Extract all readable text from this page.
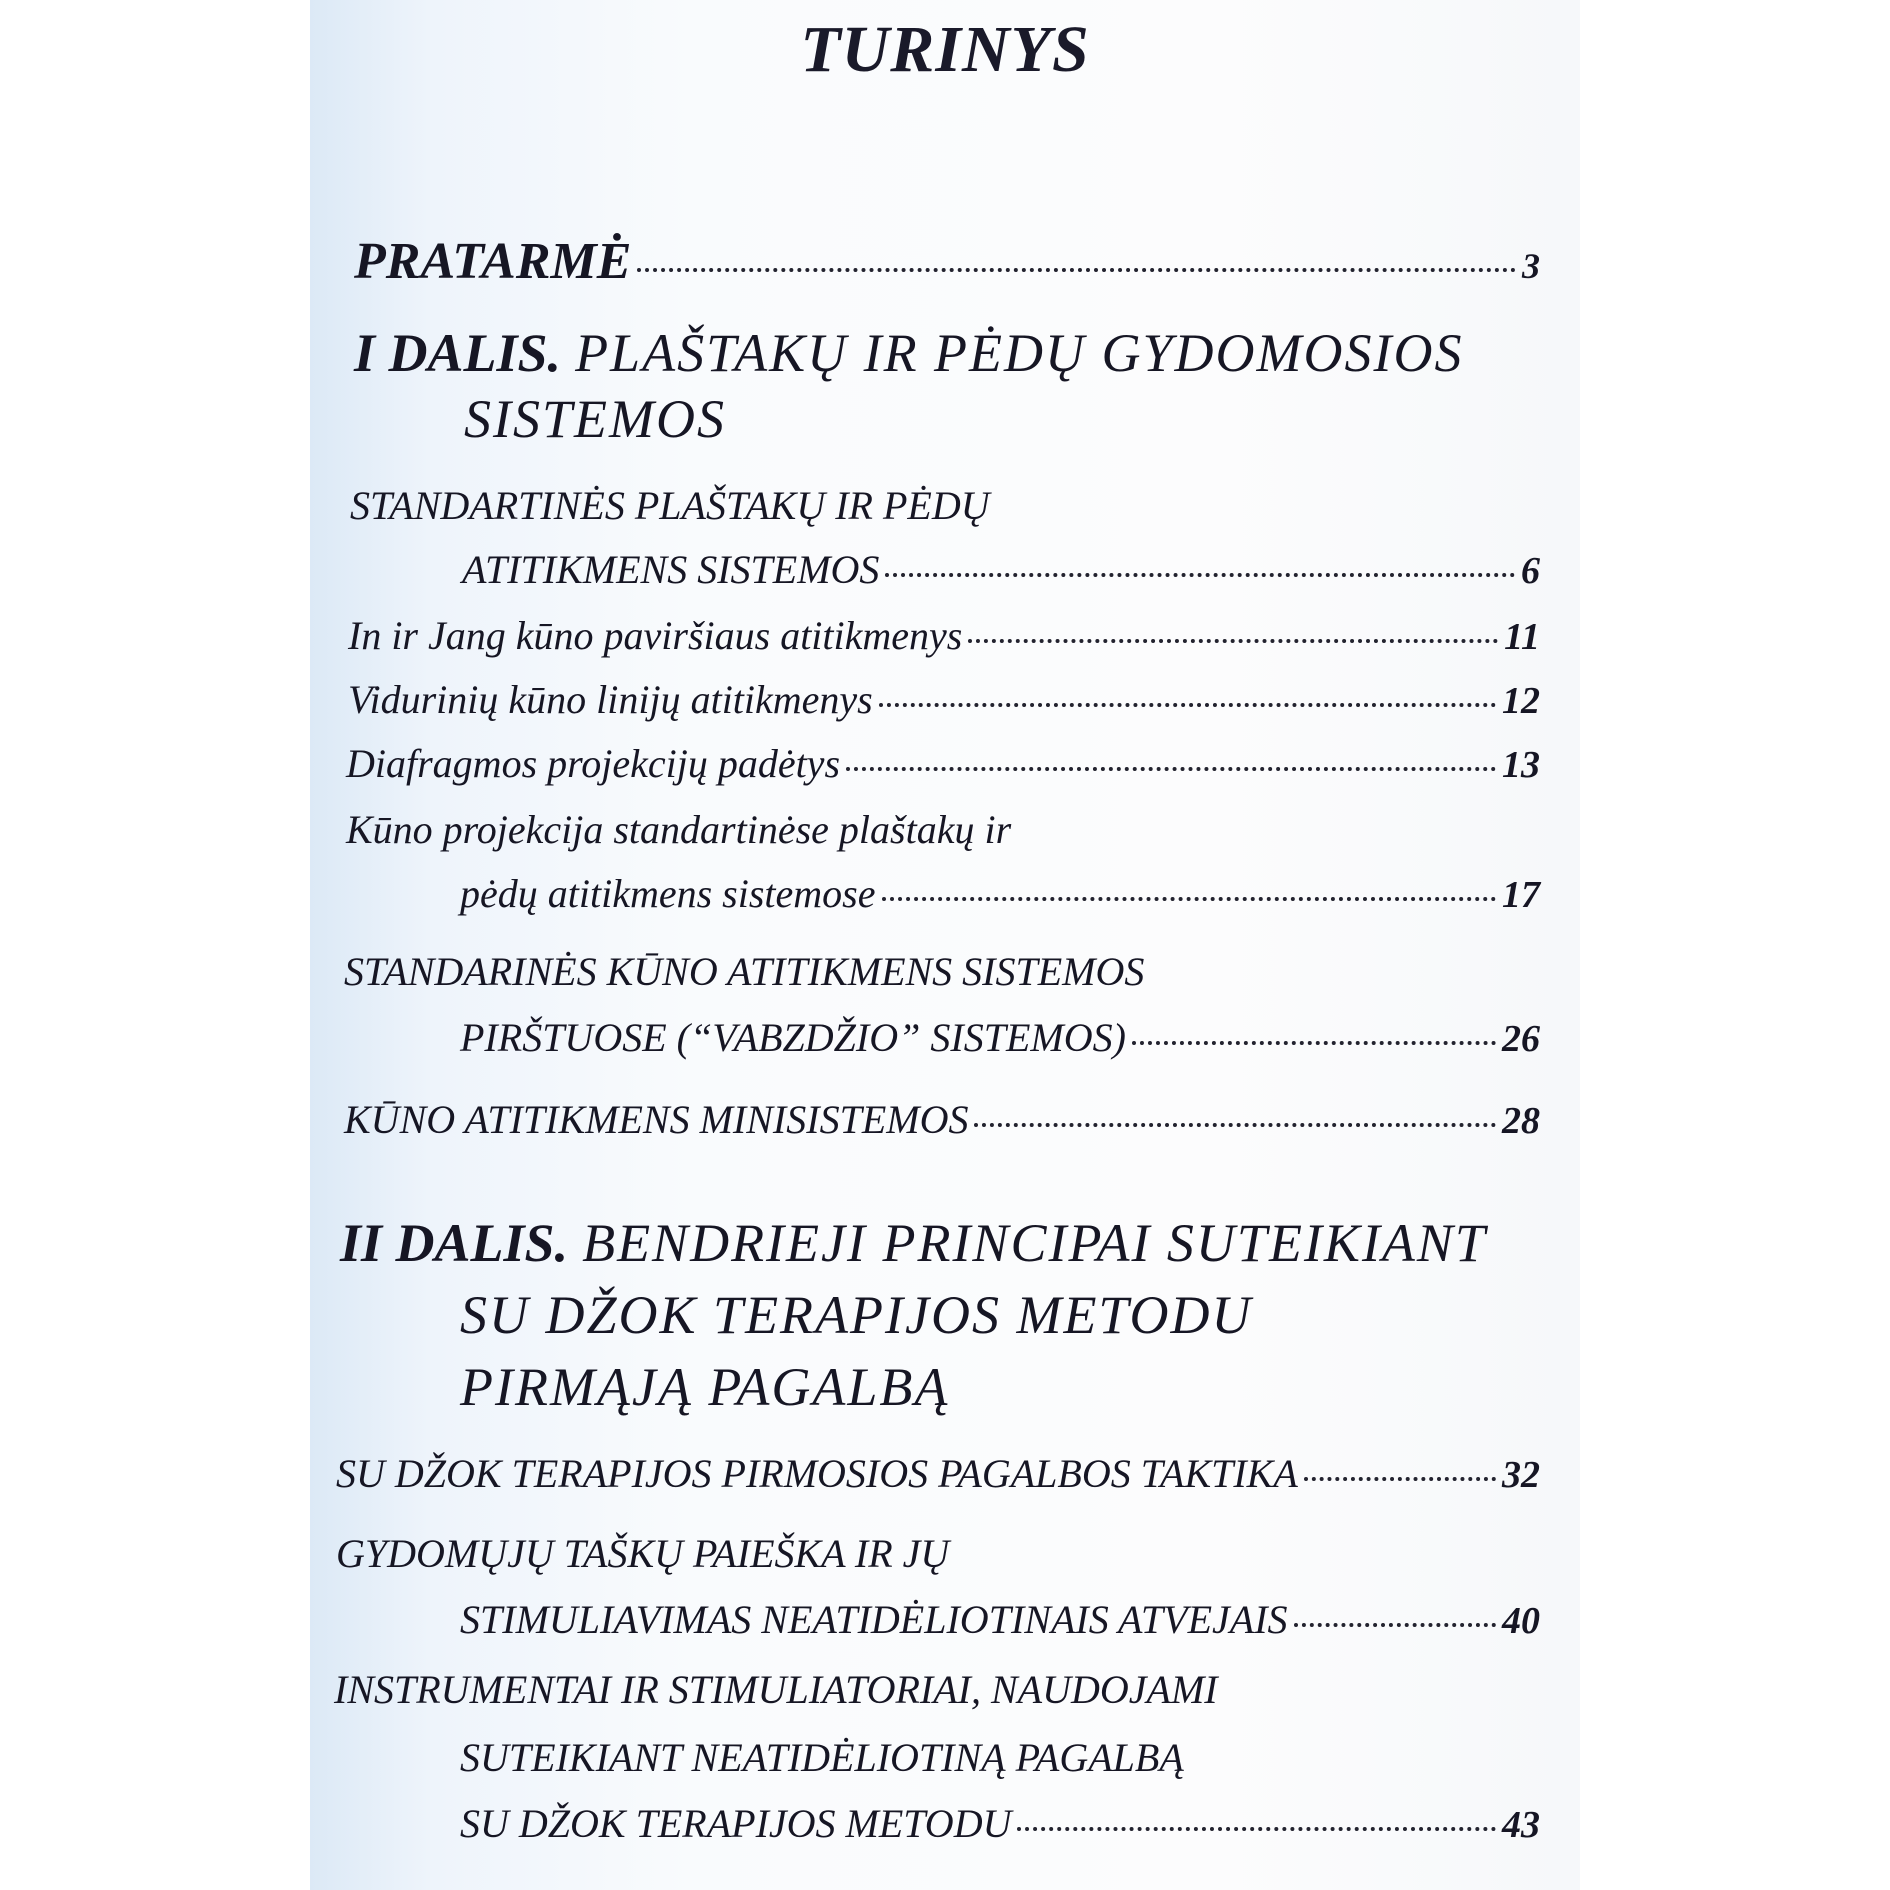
TURINYS
PRATARMĖ	3
I DALIS. PLAŠTAKŲ IR PĖDŲ GYDOMOSIOS
SISTEMOS
STANDARTINĖS PLAŠTAKŲ IR PĖDŲ
ATITIKMENS SISTEMOS	6
In ir Jang kūno paviršiaus atitikmenys	11
Vidurinių kūno linijų atitikmenys	12
Diafragmos projekcijų padėtys	13
Kūno projekcija standartinėse plaštakų ir
pėdų atitikmens sistemose	17
STANDARINĖS KŪNO ATITIKMENS SISTEMOS
PIRŠTUOSE (“VABZDŽIO” SISTEMOS)	26
KŪNO ATITIKMENS MINISISTEMOS	28
II DALIS. BENDRIEJI PRINCIPAI SUTEIKIANT
SU DŽOK TERAPIJOS METODU
PIRMĄJĄ PAGALBĄ
SU DŽOK TERAPIJOS PIRMOSIOS PAGALBOS TAKTIKA	32
GYDOMŲJŲ TAŠKŲ PAIEŠKA IR JŲ
STIMULIAVIMAS NEATIDĖLIOTINAIS ATVEJAIS	40
INSTRUMENTAI IR STIMULIATORIAI, NAUDOJAMI
SUTEIKIANT NEATIDĖLIOTINĄ PAGALBĄ
SU DŽOK TERAPIJOS METODU	43
